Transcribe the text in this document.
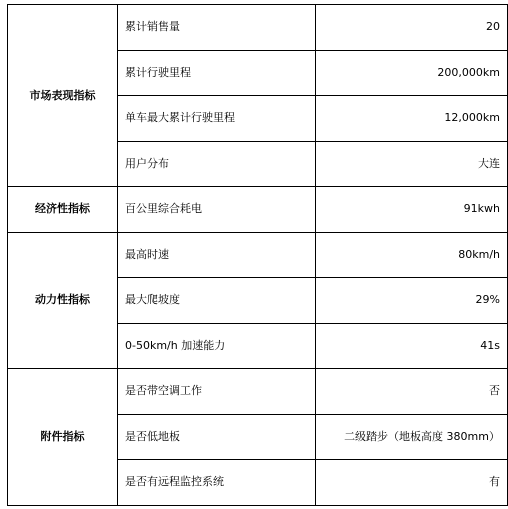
市场表现指标	累计销售量	20
	累计行驶里程	200,000km
	单车最大累计行驶里程	12,000km
	用户分布	大连
经济性指标	百公里综合耗电	91kwh
动力性指标	最高时速	80km/h
	最大爬坡度	29%
	0-50km/h 加速能力	41s
附件指标	是否带空调工作	否
	是否低地板	二级踏步（地板高度 380mm）
	是否有远程监控系统	有
